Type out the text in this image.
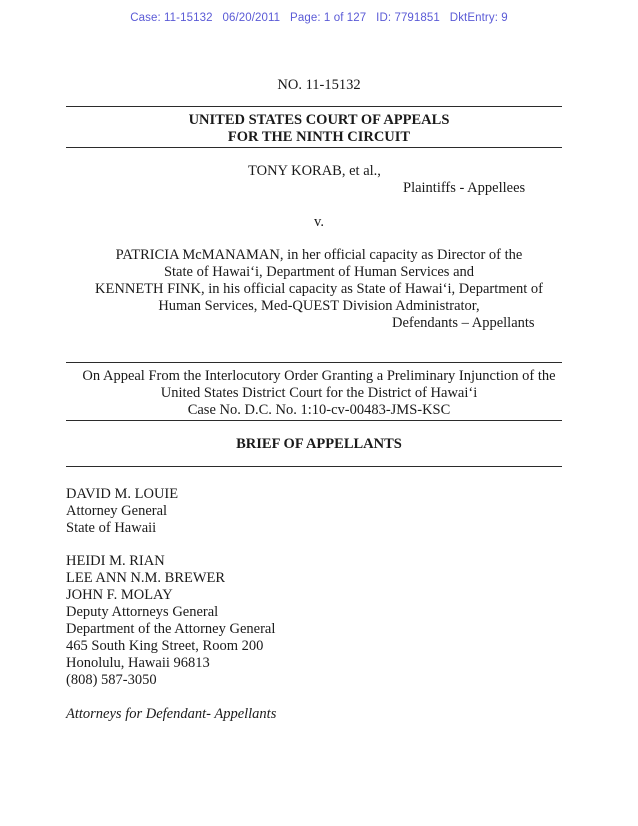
Case: 11-15132   06/20/2011   Page: 1 of 127   ID: 7791851   DktEntry: 9
NO. 11-15132
UNITED STATES COURT OF APPEALS
FOR THE NINTH CIRCUIT
TONY KORAB, et al.,
Plaintiffs - Appellees
v.
PATRICIA McMANAMAN, in her official capacity as Director of the
State of Hawai‘i, Department of Human Services and
KENNETH FINK, in his official capacity as State of Hawai‘i, Department of
Human Services, Med-QUEST Division Administrator,
Defendants – Appellants
On Appeal From the Interlocutory Order Granting a Preliminary Injunction of the
United States District Court for the District of Hawai‘i
Case No. D.C. No. 1:10-cv-00483-JMS-KSC
BRIEF OF APPELLANTS
DAVID M. LOUIE
Attorney General
State of Hawaii
HEIDI M. RIAN
LEE ANN N.M. BREWER
JOHN F. MOLAY
Deputy Attorneys General
Department of the Attorney General
465 South King Street, Room 200
Honolulu, Hawaii 96813
(808) 587-3050
Attorneys for Defendant- Appellants
